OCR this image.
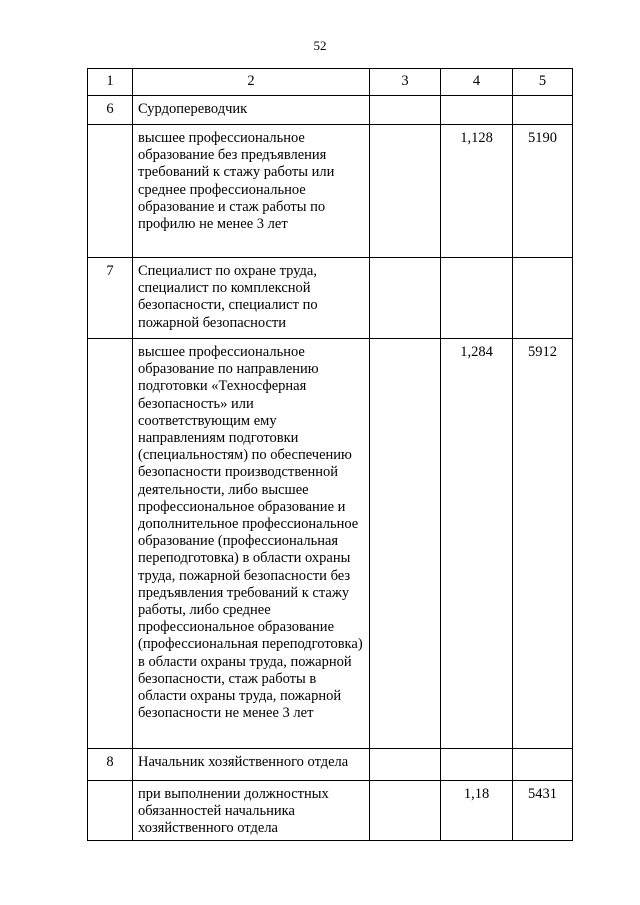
52
1	2	3	4	5
6	Сурдопереводчик			

	высшее профессиональное образование без предъявления требований к стажу работы или среднее профессиональное образование и стаж работы по профилю не менее 3 лет		1,128	5190

7	Специалист по охране труда, специалист по комплексной безопасности, специалист по пожарной безопасности			

	высшее профессиональное образование по направлению подготовки «Техносферная безопасность» или соответствующим ему направлениям подготовки (специальностям) по обеспечению безопасности производственной деятельности, либо высшее профессиональное образование и дополнительное профессиональное образование (профессиональная переподготовка) в области охраны труда, пожарной безопасности без предъявления требований к стажу работы, либо среднее профессиональное образование (профессиональная переподготовка) в области охраны труда, пожарной безопасности, стаж работы в области охраны труда, пожарной безопасности не менее 3 лет		1,284	5912

8	Начальник хозяйственного отдела			

	при выполнении должностных обязанностей начальника хозяйственного отдела		1,18	5431
